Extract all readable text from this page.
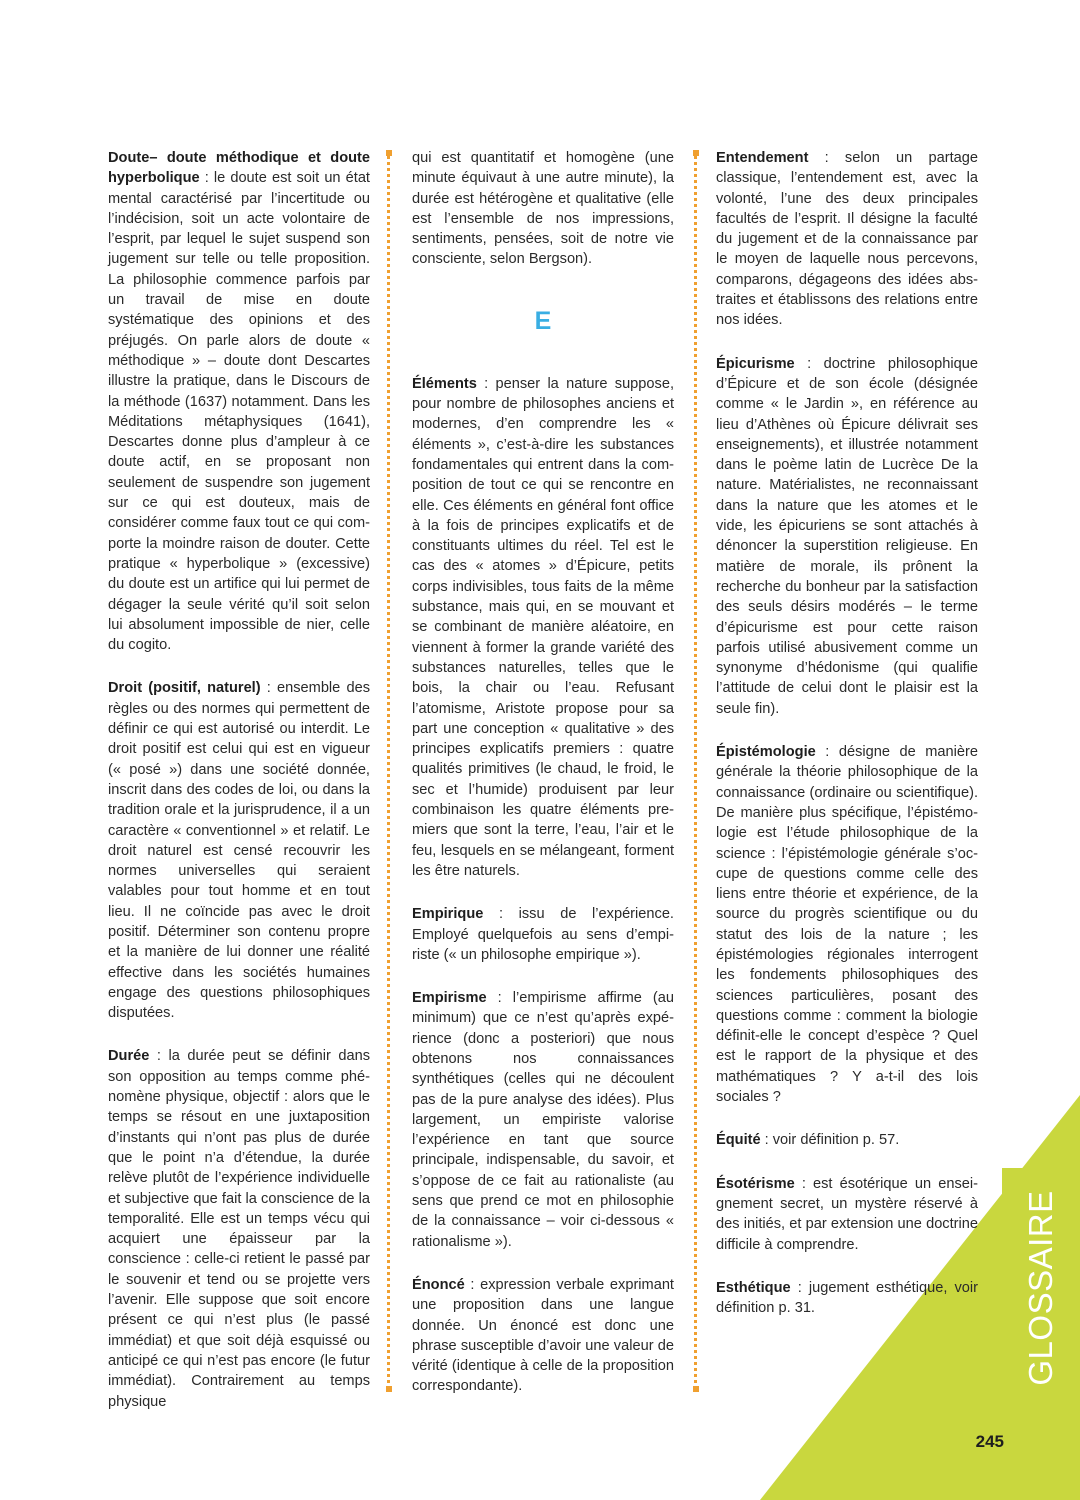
GLOSSAIRE

Doute– doute méthodique et doute hyperbolique : le doute est soit un état mental caractérisé par l’incertitude ou l’indécision, soit un acte volontaire de l’esprit, par lequel le sujet suspend son jugement sur telle ou telle proposition. La philosophie commence parfois par un travail de mise en doute systématique des opinions et des préjugés. On parle alors de doute « méthodique » – doute dont Descartes illustre la pratique, dans le Discours de la méthode (1637) notamment. Dans les Méditations métaphysiques (1641), Descartes donne plus d’ampleur à ce doute actif, en se proposant non seulement de suspendre son jugement sur ce qui est douteux, mais de considérer comme faux tout ce qui comporte la moindre raison de douter. Cette pratique « hyperbolique » (excessive) du doute est un artifice qui lui permet de dégager la seule vérité qu’il soit selon lui absolument impossible de nier, celle du cogito.

Droit (positif, naturel) : ensemble des règles ou des normes qui permettent de définir ce qui est autorisé ou interdit. Le droit positif est celui qui est en vigueur (« posé ») dans une société donnée, inscrit dans des codes de loi, ou dans la tradition orale et la jurisprudence, il a un caractère « conventionnel » et relatif. Le droit naturel est censé recouvrir les normes universelles qui seraient valables pour tout homme et en tout lieu. Il ne coïncide pas avec le droit positif. Déterminer son contenu propre et la manière de lui donner une réalité effective dans les sociétés humaines engage des questions philosophiques disputées.

Durée : la durée peut se définir dans son opposition au temps comme phénomène physique, objectif : alors que le temps se résout en une juxtaposition d’instants qui n’ont pas plus de durée que le point n’a d’étendue, la durée relève plutôt de l’expérience individuelle et subjective que fait la conscience de la temporalité. Elle est un temps vécu qui acquiert une épaisseur par la conscience : celle-ci retient le passé par le souvenir et tend ou se projette vers l’avenir. Elle suppose que soit encore présent ce qui n’est plus (le passé immédiat) et que soit déjà esquissé ou anticipé ce qui n’est pas encore (le futur immédiat). Contrairement au temps physique

qui est quantitatif et homogène (une minute équivaut à une autre minute), la durée est hétérogène et qualitative (elle est l’ensemble de nos impressions, sentiments, pensées, soit de notre vie consciente, selon Bergson).

E

Éléments : penser la nature suppose, pour nombre de philosophes anciens et modernes, d’en comprendre les « éléments », c’est-à-dire les substances fondamentales qui entrent dans la composition de tout ce qui se rencontre en elle. Ces éléments en général font office à la fois de principes explicatifs et de constituants ultimes du réel. Tel est le cas des « atomes » d’Épicure, petits corps indivisibles, tous faits de la même substance, mais qui, en se mouvant et se combinant de manière aléatoire, en viennent à former la grande variété des substances naturelles, telles que le bois, la chair ou l’eau. Refusant l’atomisme, Aristote propose pour sa part une conception « qualitative » des principes explicatifs premiers : quatre qualités primitives (le chaud, le froid, le sec et l’humide) produisent par leur combinaison les quatre éléments premiers que sont la terre, l’eau, l’air et le feu, lesquels en se mélangeant, forment les être naturels.

Empirique : issu de l’expérience. Employé quelquefois au sens d’empiriste (« un philosophe empirique »).

Empirisme : l’empirisme affirme (au minimum) que ce n’est qu’après expérience (donc a posteriori) que nous obtenons nos connaissances synthétiques (celles qui ne découlent pas de la pure analyse des idées). Plus largement, un empiriste valorise l’expérience en tant que source principale, indispensable, du savoir, et s’oppose de ce fait au rationaliste (au sens que prend ce mot en philosophie de la connaissance – voir ci-dessous « rationalisme »).

Énoncé : expression verbale exprimant une proposition dans une langue donnée. Un énoncé est donc une phrase susceptible d’avoir une valeur de vérité (identique à celle de la proposition correspondante).

Entendement : selon un partage classique, l’entendement est, avec la volonté, l’une des deux principales facultés de l’esprit. Il désigne la faculté du jugement et de la connaissance par le moyen de laquelle nous percevons, comparons, dégageons des idées abstraites et établissons des relations entre nos idées.

Épicurisme : doctrine philosophique d’Épicure et de son école (désignée comme « le Jardin », en référence au lieu d’Athènes où Épicure délivrait ses enseignements), et illustrée notamment dans le poème latin de Lucrèce De la nature. Matérialistes, ne reconnaissant dans la nature que les atomes et le vide, les épicuriens se sont attachés à dénoncer la superstition religieuse. En matière de morale, ils prônent la recherche du bonheur par la satisfaction des seuls désirs modérés – le terme d’épicurisme est pour cette raison parfois utilisé abusivement comme un synonyme d’hédonisme (qui qualifie l’attitude de celui dont le plaisir est la seule fin).

Épistémologie : désigne de manière générale la théorie philosophique de la connaissance (ordinaire ou scientifique). De manière plus spécifique, l’épistémologie est l’étude philosophique de la science : l’épistémologie générale s’occupe de questions comme celle des liens entre théorie et expérience, de la source du progrès scientifique ou du statut des lois de la nature ; les épistémologies régionales interrogent les fondements philosophiques des sciences particulières, posant des questions comme : comment la biologie définit-elle le concept d’espèce ? Quel est le rapport de la physique et des mathématiques ? Y a-t-il des lois sociales ?

Équité : voir définition p. 57.

Ésotérisme : est ésotérique un enseignement secret, un mystère réservé à des initiés, et par extension une doctrine difficile à comprendre.

Esthétique : jugement esthétique, voir définition p. 31.

245
